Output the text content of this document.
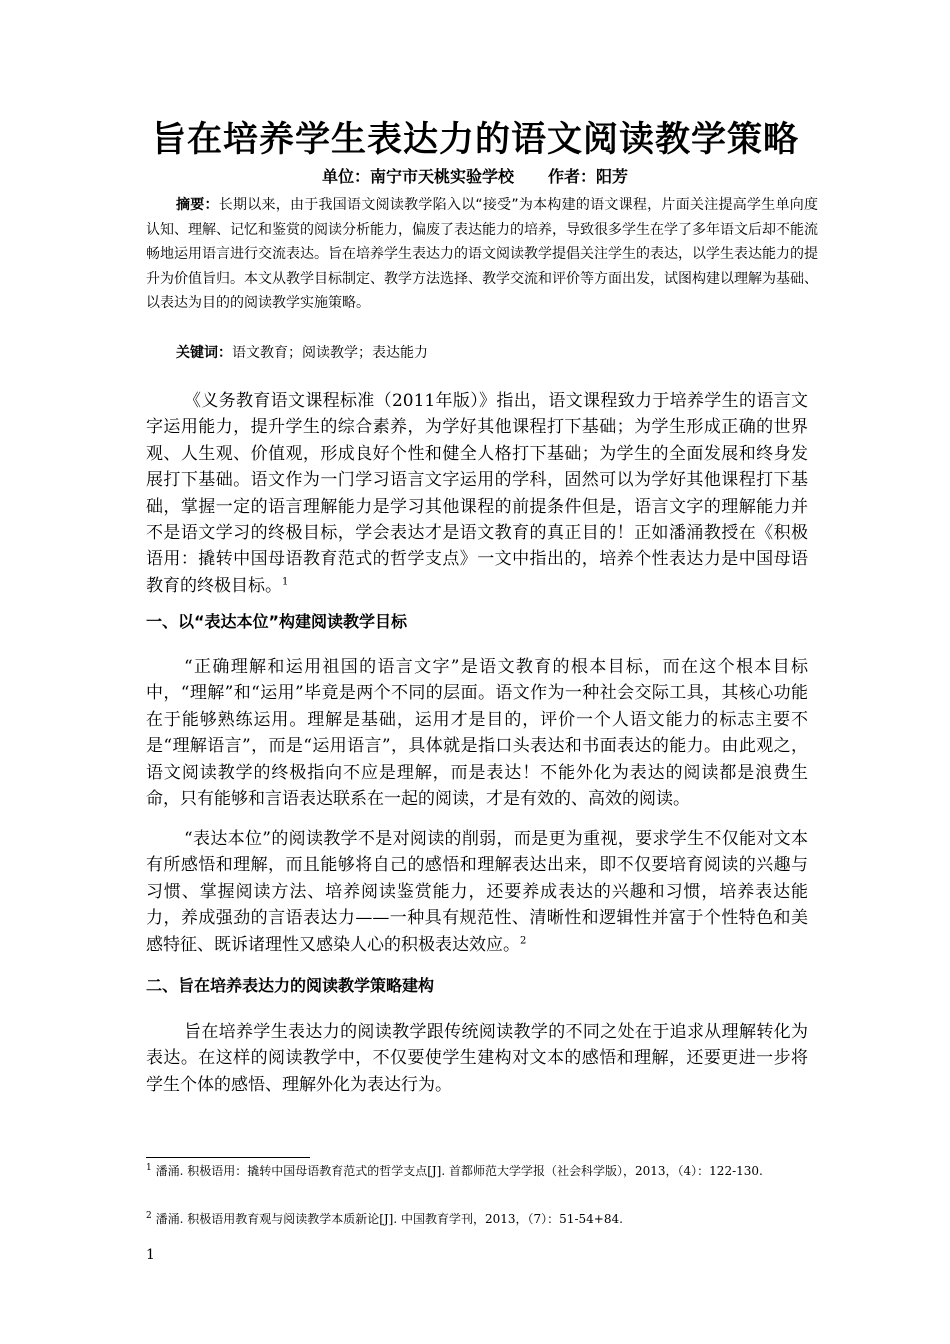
旨在培养学生表达力的语文阅读教学策略
单位：南宁市天桃实验学校 作者：阳芳

摘要：长期以来，由于我国语文阅读教学陷入以“接受”为本构建的语文课程，片面关注提高学生单向度认知、理解、记忆和鉴赏的阅读分析能力，偏废了表达能力的培养，导致很多学生在学了多年语文后却不能流畅地运用语言进行交流表达。旨在培养学生表达力的语文阅读教学提倡关注学生的表达，以学生表达能力的提升为价值旨归。本文从教学目标制定、教学方法选择、教学交流和评价等方面出发，试图构建以理解为基础、以表达为目的的阅读教学实施策略。

关键词：语文教育；阅读教学；表达能力

《义务教育语文课程标准（2011年版）》指出，语文课程致力于培养学生的语言文字运用能力，提升学生的综合素养，为学好其他课程打下基础；为学生形成正确的世界观、人生观、价值观，形成良好个性和健全人格打下基础；为学生的全面发展和终身发展打下基础。语文作为一门学习语言文字运用的学科，固然可以为学好其他课程打下基础，掌握一定的语言理解能力是学习其他课程的前提条件但是，语言文字的理解能力并不是语文学习的终极目标，学会表达才是语文教育的真正目的！正如潘涌教授在《积极语用：撬转中国母语教育范式的哲学支点》一文中指出的，培养个性表达力是中国母语教育的终极目标。$^1$

一、以“表达本位”构建阅读教学目标

“正确理解和运用祖国的语言文字”是语文教育的根本目标，而在这个根本目标中，“理解”和“运用”毕竟是两个不同的层面。语文作为一种社会交际工具，其核心功能在于能够熟练运用。理解是基础，运用才是目的，评价一个人语文能力的标志主要不是“理解语言”，而是“运用语言”，具体就是指口头表达和书面表达的能力。由此观之，语文阅读教学的终极指向不应是理解，而是表达！不能外化为表达的阅读都是浪费生命，只有能够和言语表达联系在一起的阅读，才是有效的、高效的阅读。

“表达本位”的阅读教学不是对阅读的削弱，而是更为重视，要求学生不仅能对文本有所感悟和理解，而且能够将自己的感悟和理解表达出来，即不仅要培育阅读的兴趣与习惯、掌握阅读方法、培养阅读鉴赏能力，还要养成表达的兴趣和习惯，培养表达能力，养成强劲的言语表达力——一种具有规范性、清晰性和逻辑性并富于个性特色和美感特征、既诉诸理性又感染人心的积极表达效应。$^2$

二、旨在培养表达力的阅读教学策略建构

旨在培养学生表达力的阅读教学跟传统阅读教学的不同之处在于追求从理解转化为表达。在这样的阅读教学中，不仅要使学生建构对文本的感悟和理解，还要更进一步将学生个体的感悟、理解外化为表达行为。

$^1$ 潘涌. 积极语用：撬转中国母语教育范式的哲学支点[J]. 首都师范大学学报（社会科学版），2013，（4）：122-130.

$^2$ 潘涌. 积极语用教育观与阅读教学本质新论[J]. 中国教育学刊，2013，（7）：51-54+84.

1
